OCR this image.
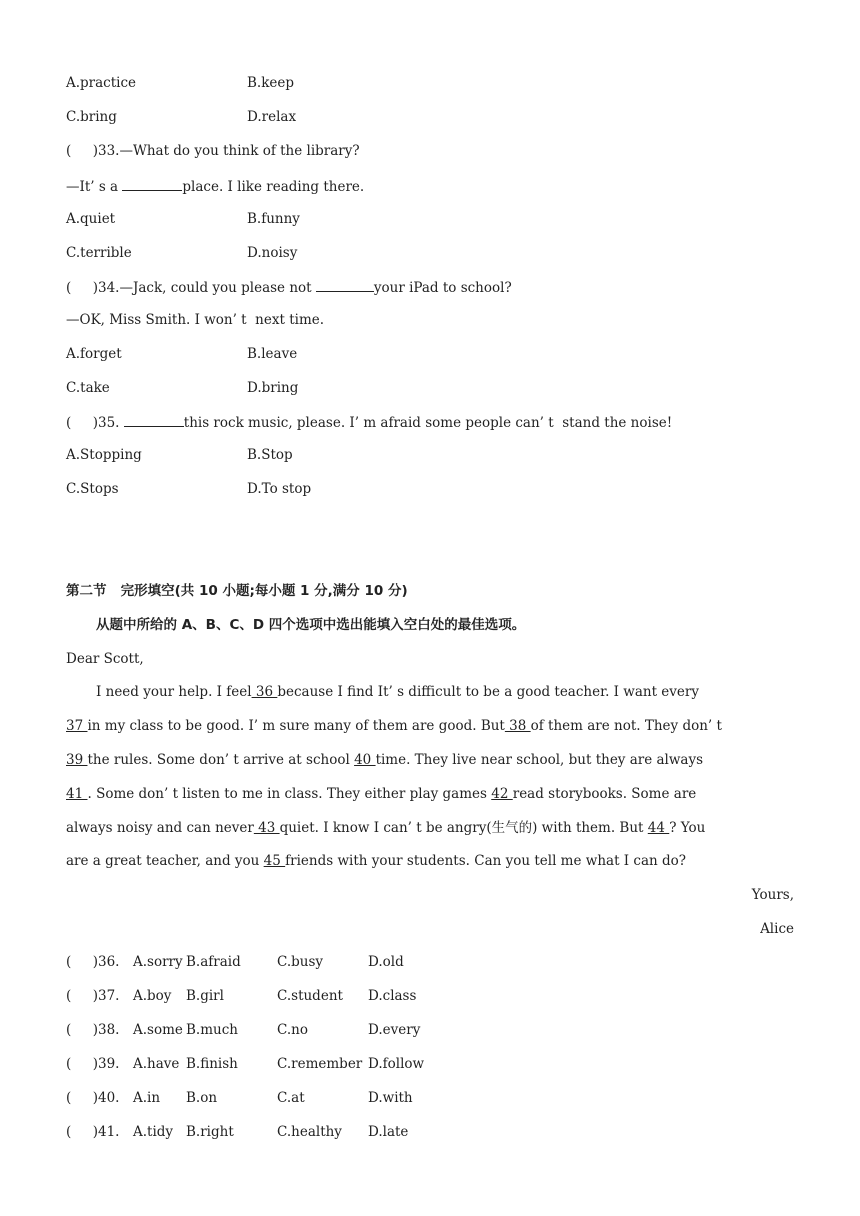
A.practice	B.keep
C.bring	D.relax
(     )33.—What do you think of the library?
—It’ s a	place. I like reading there.
A.quiet	B.funny
C.terrible	D.noisy
(     )34.—Jack, could you please not	your iPad to school?
—OK, Miss Smith. I won’ t  next time.
A.forget	B.leave
C.take	D.bring
(     )35.	this rock music, please. I’ m afraid some people can’ t  stand the noise!
A.Stopping	B.Stop
C.Stops	D.To stop
第二节   完形填空(共 10 小题;每小题 1 分,满分 10 分)
从题中所给的 A、B、C、D 四个选项中选出能填入空白处的最佳选项。
Dear Scott,
I need your help. I feel 36 because I find It’ s difficult to be a good teacher. I want every
37 in my class to be good. I’ m sure many of them are good. But 38 of them are not. They don’ t
39 the rules. Some don’ t arrive at school 40 time. They live near school, but they are always
41 . Some don’ t listen to me in class. They either play games 42 read storybooks. Some are
always noisy and can never 43 quiet. I know I can’ t be angry(生气的) with them. But 44 ? You
are a great teacher, and you 45 friends with your students. Can you tell me what I can do?
Yours,
Alice
(     )36. A.sorry B.afraid	C.busy	D.old
(     )37. A.boy B.girl	C.student D.class
(     )38. A.some B.much	C.no	D.every
(     )39. A.have B.finish	C.remember D.follow
(     )40. A.in B.on	C.at	D.with
(     )41. A.tidy B.right	C.healthy D.late
